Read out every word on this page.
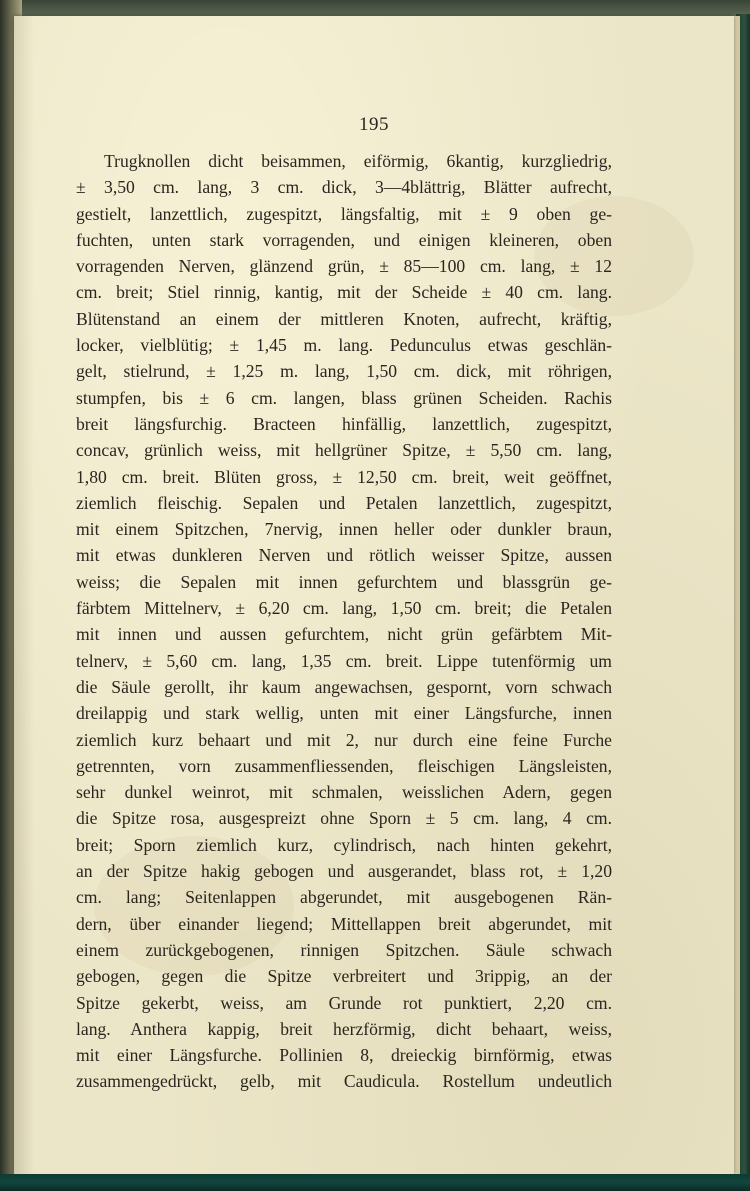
195
Trugknollen dicht beisammen, eiförmig, 6kantig, kurzgliedrig,
± 3,50 cm. lang, 3 cm. dick, 3—4blättrig, Blätter aufrecht,
gestielt, lanzettlich, zugespitzt, längsfaltig, mit ± 9 oben ge-
fuchten, unten stark vorragenden, und einigen kleineren, oben
vorragenden Nerven, glänzend grün, ± 85—100 cm. lang, ± 12
cm. breit; Stiel rinnig, kantig, mit der Scheide ± 40 cm. lang.
Blütenstand an einem der mittleren Knoten, aufrecht, kräftig,
locker, vielblütig; ± 1,45 m. lang. Pedunculus etwas geschlän-
gelt, stielrund, ± 1,25 m. lang, 1,50 cm. dick, mit röhrigen,
stumpfen, bis ± 6 cm. langen, blass grünen Scheiden. Rachis
breit längsfurchig. Bracteen hinfällig, lanzettlich, zugespitzt,
concav, grünlich weiss, mit hellgrüner Spitze, ± 5,50 cm. lang,
1,80 cm. breit. Blüten gross, ± 12,50 cm. breit, weit geöffnet,
ziemlich fleischig. Sepalen und Petalen lanzettlich, zugespitzt,
mit einem Spitzchen, 7nervig, innen heller oder dunkler braun,
mit etwas dunkleren Nerven und rötlich weisser Spitze, aussen
weiss; die Sepalen mit innen gefurchtem und blassgrün ge-
färbtem Mittelnerv, ± 6,20 cm. lang, 1,50 cm. breit; die Petalen
mit innen und aussen gefurchtem, nicht grün gefärbtem Mit-
telnerv, ± 5,60 cm. lang, 1,35 cm. breit. Lippe tutenförmig um
die Säule gerollt, ihr kaum angewachsen, gespornt, vorn schwach
dreilappig und stark wellig, unten mit einer Längsfurche, innen
ziemlich kurz behaart und mit 2, nur durch eine feine Furche
getrennten, vorn zusammenfliessenden, fleischigen Längsleisten,
sehr dunkel weinrot, mit schmalen, weisslichen Adern, gegen
die Spitze rosa, ausgespreizt ohne Sporn ± 5 cm. lang, 4 cm.
breit; Sporn ziemlich kurz, cylindrisch, nach hinten gekehrt,
an der Spitze hakig gebogen und ausgerandet, blass rot, ± 1,20
cm. lang; Seitenlappen abgerundet, mit ausgebogenen Rän-
dern, über einander liegend; Mittellappen breit abgerundet, mit
einem zurückgebogenen, rinnigen Spitzchen. Säule schwach
gebogen, gegen die Spitze verbreitert und 3rippig, an der
Spitze gekerbt, weiss, am Grunde rot punktiert, 2,20 cm.
lang. Anthera kappig, breit herzförmig, dicht behaart, weiss,
mit einer Längsfurche. Pollinien 8, dreieckig birnförmig, etwas
zusammengedrückt, gelb, mit Caudicula. Rostellum undeutlich
